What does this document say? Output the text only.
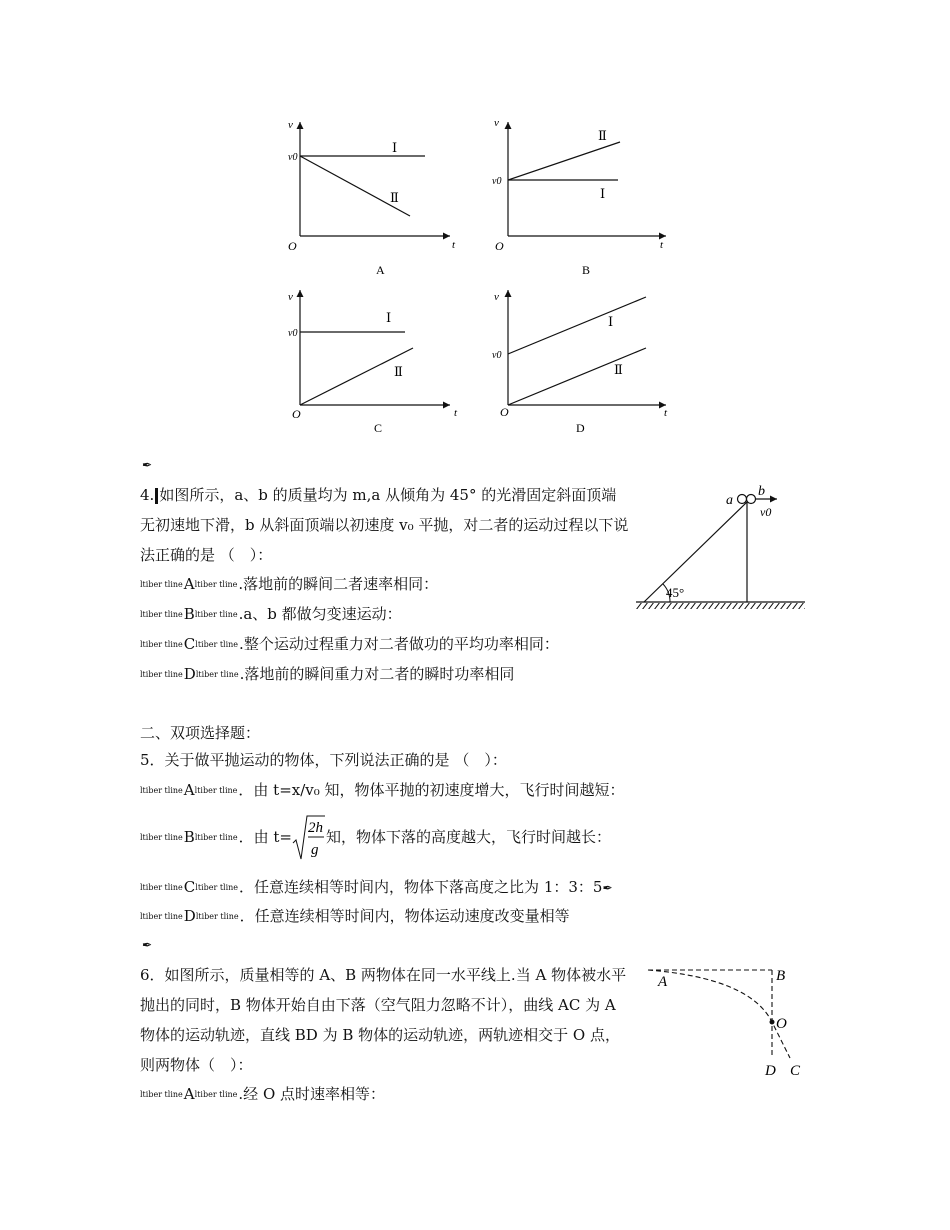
v
v0
O	t
Ⅰ
Ⅱ
A
v
v0
O	t
Ⅰ
Ⅱ
B
v
v0
O	t
Ⅰ
Ⅱ
C
v
v0
O	t
Ⅰ
Ⅱ
D
✒
4. 如图所示，a、b 的质量均为 m,a 从倾角为 45° 的光滑固定斜面顶端无初速地下滑，b 从斜面顶端以初速度 v₀ 平抛，对二者的运动过程以下说法正确的是 （　）：
ltiber tlineAltiber tline.落地前的瞬间二者速率相同：
ltiber tlineBltiber tline.a、b 都做匀变速运动：
ltiber tlineCltiber tline.整个运动过程重力对二者做功的平均功率相同：
ltiber tlineDltiber tline.落地前的瞬间重力对二者的瞬时功率相同
a
b
v0
45°
二、双项选择题：
5．关于做平抛运动的物体，下列说法正确的是 （　）：
ltiber tlineAltiber tline．由 t=x/v₀ 知，物体平抛的初速度增大，飞行时间越短：
ltiber tlineBltiber tline．由 t= 2h
g
知，物体下落的高度越大，飞行时间越长：
ltiber tlineCltiber tline．任意连续相等时间内，物体下落高度之比为 1：3：5✒
ltiber tlineDltiber tline．任意连续相等时间内，物体运动速度改变量相等
✒
6．如图所示，质量相等的 A、B 两物体在同一水平线上.当 A 物体被水平抛出的同时，B 物体开始自由下落（空气阻力忽略不计），曲线 AC 为 A 物体的运动轨迹，直线 BD 为 B 物体的运动轨迹，两轨迹相交于 O 点，则两物体（　）：
ltiber tlineAltiber tline.经 O 点时速率相等：
A	B
O
D C
